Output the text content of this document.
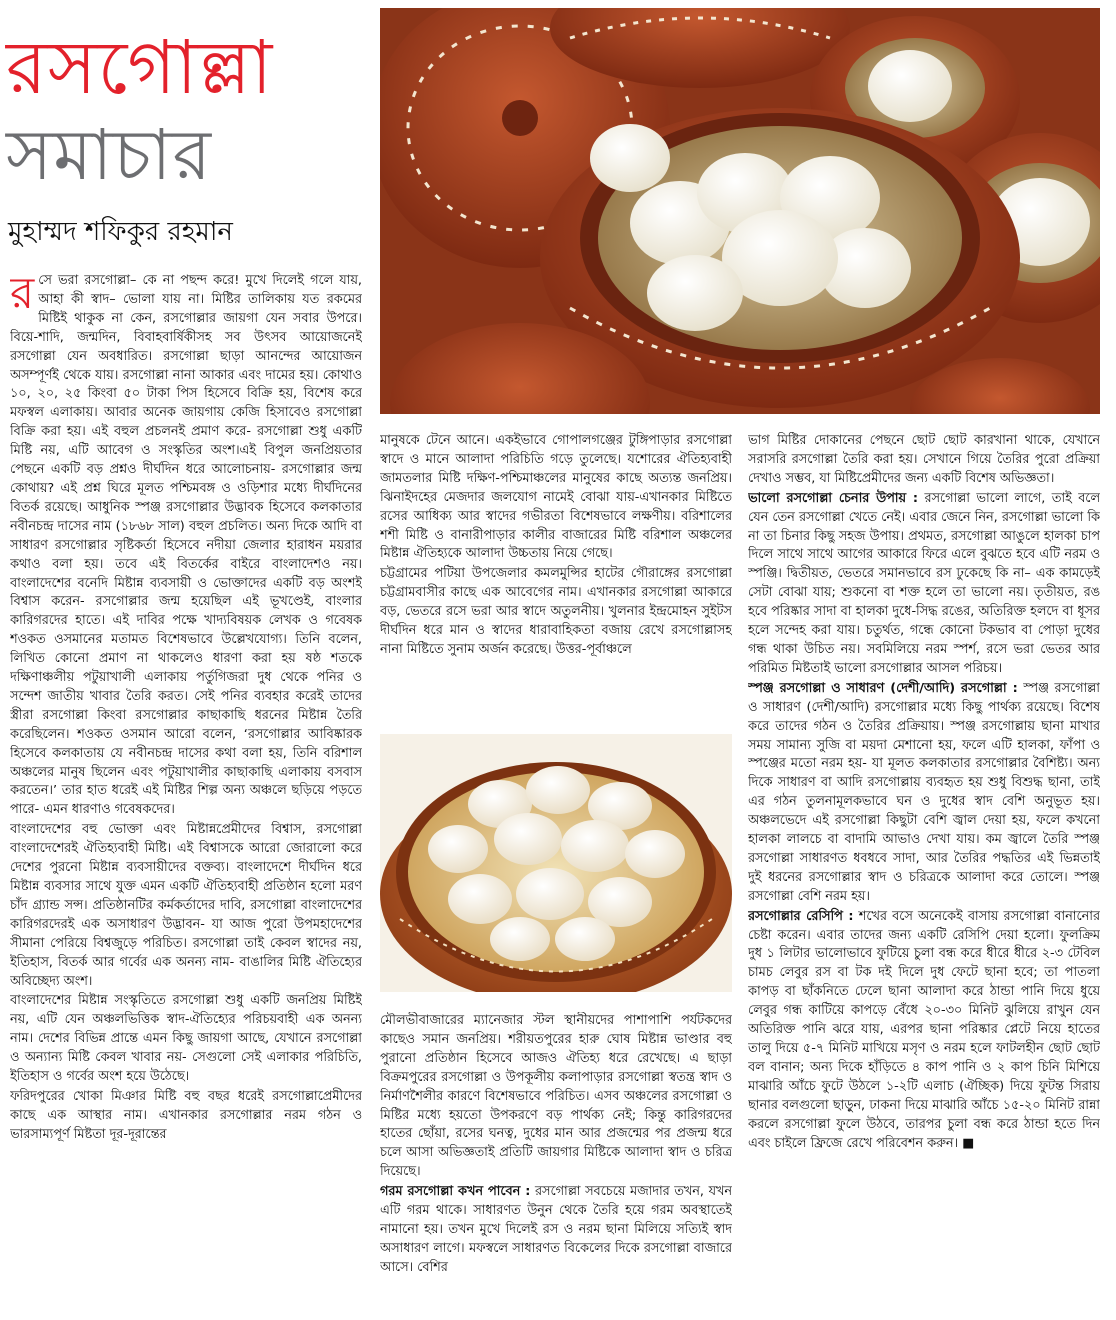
রসগোল্লা
সমাচার
মুহাম্মদ শফিকুর রহমান

রসে ভরা রসগোল্লা– কে না পছন্দ করে! মুখে দিলেই গলে যায়, আহা কী স্বাদ– ভোলা যায় না। মিষ্টির তালিকায় যত রকমের মিষ্টিই থাকুক না কেন, রসগোল্লার জায়গা যেন সবার উপরে। বিয়ে-শাদি, জন্মদিন, বিবাহবার্ষিকীসহ সব উৎসব আয়োজনেই রসগোল্লা যেন অবধারিত। রসগোল্লা ছাড়া আনন্দের আয়োজন অসম্পূর্ণই থেকে যায়। রসগোল্লা নানা আকার এবং দামের হয়। কোথাও ১০, ২০, ২৫ কিংবা ৫০ টাকা পিস হিসেবে বিক্রি হয়, বিশেষ করে মফস্বল এলাকায়। আবার অনেক জায়গায় কেজি হিসাবেও রসগোল্লা বিক্রি করা হয়। এই বহুল প্রচলনই প্রমাণ করে- রসগোল্লা শুধু একটি মিষ্টি নয়, এটি আবেগ ও সংস্কৃতির অংশ।এই বিপুল জনপ্রিয়তার পেছনে একটি বড় প্রশ্নও দীর্ঘদিন ধরে আলোচনায়- রসগোল্লার জন্ম কোথায়? এই প্রশ্ন ঘিরে মূলত পশ্চিমবঙ্গ ও ওড়িশার মধ্যে দীর্ঘদিনের বিতর্ক রয়েছে। আধুনিক স্পঞ্জ রসগোল্লার উদ্ভাবক হিসেবে কলকাতার নবীনচন্দ্র দাসের নাম (১৮৬৮ সাল) বহুল প্রচলিত। অন্য দিকে আদি বা সাধারণ রসগোল্লার সৃষ্টিকর্তা হিসেবে নদীয়া জেলার হারাধন ময়রার কথাও বলা হয়। তবে এই বিতর্কের বাইরে বাংলাদেশও নয়। বাংলাদেশের বনেদি মিষ্টান্ন ব্যবসায়ী ও ভোক্তাদের একটি বড় অংশই বিশ্বাস করেন- রসগোল্লার জন্ম হয়েছিল এই ভূখণ্ডেই, বাংলার কারিগরদের হাতে। এই দাবির পক্ষে খাদ্যবিষয়ক লেখক ও গবেষক শওকত ওসমানের মতামত বিশেষভাবে উল্লেখযোগ্য। তিনি বলেন, লিখিত কোনো প্রমাণ না থাকলেও ধারণা করা হয় ষষ্ঠ শতকে দক্ষিণাঞ্চলীয় পটুয়াখালী এলাকায় পর্তুগিজরা দুধ থেকে পনির ও সন্দেশ জাতীয় খাবার তৈরি করত। সেই পনির ব্যবহার করেই তাদের স্ত্রীরা রসগোল্লা কিংবা রসগোল্লার কাছাকাছি ধরনের মিষ্টান্ন তৈরি করেছিলেন। শওকত ওসমান আরো বলেন, ‘রসগোল্লার আবিষ্কারক হিসেবে কলকাতায় যে নবীনচন্দ্র দাসের কথা বলা হয়, তিনি বরিশাল অঞ্চলের মানুষ ছিলেন এবং পটুয়াখালীর কাছাকাছি এলাকায় বসবাস করতেন।’ তার হাত ধরেই এই মিষ্টির শিল্প অন্য অঞ্চলে ছড়িয়ে পড়তে পারে- এমন ধারণাও গবেষকদের।

বাংলাদেশের বহু ভোক্তা এবং মিষ্টান্নপ্রেমীদের বিশ্বাস, রসগোল্লা বাংলাদেশেরই ঐতিহ্যবাহী মিষ্টি। এই বিশ্বাসকে আরো জোরালো করে দেশের পুরনো মিষ্টান্ন ব্যবসায়ীদের বক্তব্য। বাংলাদেশে দীর্ঘদিন ধরে মিষ্টান্ন ব্যবসার সাথে যুক্ত এমন একটি ঐতিহ্যবাহী প্রতিষ্ঠান হলো মরণ চাঁদ গ্র্যান্ড সন্স। প্রতিষ্ঠানটির কর্মকর্তাদের দাবি, রসগোল্লা বাংলাদেশের কারিগরদেরই এক অসাধারণ উদ্ভাবন- যা আজ পুরো উপমহাদেশের সীমানা পেরিয়ে বিশ্বজুড়ে পরিচিত। রসগোল্লা তাই কেবল স্বাদের নয়, ইতিহাস, বিতর্ক আর গর্বের এক অনন্য নাম- বাঙালির মিষ্টি ঐতিহ্যের অবিচ্ছেদ্য অংশ।

বাংলাদেশের মিষ্টান্ন সংস্কৃতিতে রসগোল্লা শুধু একটি জনপ্রিয় মিষ্টিই নয়, এটি যেন অঞ্চলভিত্তিক স্বাদ-ঐতিহ্যের পরিচয়বাহী এক অনন্য নাম। দেশের বিভিন্ন প্রান্তে এমন কিছু জায়গা আছে, যেখানে রসগোল্লা ও অন্যান্য মিষ্টি কেবল খাবার নয়- সেগুলো সেই এলাকার পরিচিতি, ইতিহাস ও গর্বের অংশ হয়ে উঠেছে।

ফরিদপুরের খোকা মিঞার মিষ্টি বহু বছর ধরেই রসগোল্লাপ্রেমীদের কাছে এক আস্থার নাম। এখানকার রসগোল্লার নরম গঠন ও ভারসাম্যপূর্ণ মিষ্টতা দূর-দূরান্তের

মানুষকে টেনে আনে। একইভাবে গোপালগঞ্জের টুঙ্গিপাড়ার রসগোল্লা স্বাদে ও মানে আলাদা পরিচিতি গড়ে তুলেছে। যশোরের ঐতিহ্যবাহী জামতলার মিষ্টি দক্ষিণ-পশ্চিমাঞ্চলের মানুষের কাছে অত্যন্ত জনপ্রিয়। ঝিনাইদহের মেজদার জলযোগ নামেই বোঝা যায়-এখানকার মিষ্টিতে রসের আধিক্য আর স্বাদের গভীরতা বিশেষভাবে লক্ষণীয়। বরিশালের শশী মিষ্টি ও বানারীপাড়ার কালীর বাজারের মিষ্টি বরিশাল অঞ্চলের মিষ্টান্ন ঐতিহ্যকে আলাদা উচ্চতায় নিয়ে গেছে।

চট্টগ্রামের পটিয়া উপজেলার কমলমুন্সির হাটের গৌরাঙ্গের রসগোল্লা চট্টগ্রামবাসীর কাছে এক আবেগের নাম। এখানকার রসগোল্লা আকারে বড়, ভেতরে রসে ভরা আর স্বাদে অতুলনীয়। খুলনার ইন্দ্রমোহন সুইটস দীর্ঘদিন ধরে মান ও স্বাদের ধারাবাহিকতা বজায় রেখে রসগোল্লাসহ নানা মিষ্টিতে সুনাম অর্জন করেছে। উত্তর-পূর্বাঞ্চলে

মৌলভীবাজারের ম্যানেজার স্টল স্থানীয়দের পাশাপাশি পর্যটকদের কাছেও সমান জনপ্রিয়। শরীয়তপুরের হারু ঘোষ মিষ্টান্ন ভাণ্ডার বহু পুরানো প্রতিষ্ঠান হিসেবে আজও ঐতিহ্য ধরে রেখেছে। এ ছাড়া বিক্রমপুরের রসগোল্লা ও উপকূলীয় কলাপাড়ার রসগোল্লা স্বতন্ত্র স্বাদ ও নির্মাণশৈলীর কারণে বিশেষভাবে পরিচিত। এসব অঞ্চলের রসগোল্লা ও মিষ্টির মধ্যে হয়তো উপকরণে বড় পার্থক্য নেই; কিন্তু কারিগরদের হাতের ছোঁয়া, রসের ঘনত্ব, দুধের মান আর প্রজন্মের পর প্রজন্ম ধরে চলে আসা অভিজ্ঞতাই প্রতিটি জায়গার মিষ্টিকে আলাদা স্বাদ ও চরিত্র দিয়েছে।

গরম রসগোল্লা কখন পাবেন : রসগোল্লা সবচেয়ে মজাদার তখন, যখন এটি গরম থাকে। সাধারণত উনুন থেকে তৈরি হয়ে গরম অবস্থাতেই নামানো হয়। তখন মুখে দিলেই রস ও নরম ছানা মিলিয়ে সত্যিই স্বাদ অসাধারণ লাগে। মফস্বলে সাধারণত বিকেলের দিকে রসগোল্লা বাজারে আসে। বেশির

ভাগ মিষ্টির দোকানের পেছনে ছোট ছোট কারখানা থাকে, যেখানে সরাসরি রসগোল্লা তৈরি করা হয়। সেখানে গিয়ে তৈরির পুরো প্রক্রিয়া দেখাও সম্ভব, যা মিষ্টিপ্রেমীদের জন্য একটি বিশেষ অভিজ্ঞতা।

ভালো রসগোল্লা চেনার উপায় : রসগোল্লা ভালো লাগে, তাই বলে যেন তেন রসগোল্লা খেতে নেই। এবার জেনে নিন, রসগোল্লা ভালো কি না তা চিনার কিছু সহজ উপায়। প্রথমত, রসগোল্লা আঙুলে হালকা চাপ দিলে সাথে সাথে আগের আকারে ফিরে এলে বুঝতে হবে এটি নরম ও স্পঞ্জি। দ্বিতীয়ত, ভেতরে সমানভাবে রস ঢুকেছে কি না– এক কামড়েই সেটা বোঝা যায়; শুকনো বা শক্ত হলে তা ভালো নয়। তৃতীয়ত, রঙ হবে পরিষ্কার সাদা বা হালকা দুধে-সিদ্ধ রঙের, অতিরিক্ত হলদে বা ধূসর হলে সন্দেহ করা যায়। চতুর্থত, গন্ধে কোনো টকভাব বা পোড়া দুধের গন্ধ থাকা উচিত নয়। সবমিলিয়ে নরম স্পর্শ, রসে ভরা ভেতর আর পরিমিত মিষ্টতাই ভালো রসগোল্লার আসল পরিচয়।

স্পঞ্জ রসগোল্লা ও সাধারণ (দেশী/আদি) রসগোল্লা : স্পঞ্জ রসগোল্লা ও সাধারণ (দেশী/আদি) রসগোল্লার মধ্যে কিছু পার্থক্য রয়েছে। বিশেষ করে তাদের গঠন ও তৈরির প্রক্রিয়ায়। স্পঞ্জ রসগোল্লায় ছানা মাখার সময় সামান্য সুজি বা ময়দা মেশানো হয়, ফলে এটি হালকা, ফাঁপা ও স্পঞ্জের মতো নরম হয়- যা মূলত কলকাতার রসগোল্লার বৈশিষ্ট্য। অন্য দিকে সাধারণ বা আদি রসগোল্লায় ব্যবহৃত হয় শুধু বিশুদ্ধ ছানা, তাই এর গঠন তুলনামূলকভাবে ঘন ও দুধের স্বাদ বেশি অনুভূত হয়। অঞ্চলভেদে এই রসগোল্লা কিছুটা বেশি জ্বাল দেয়া হয়, ফলে কখনো হালকা লালচে বা বাদামি আভাও দেখা যায়। কম জ্বালে তৈরি স্পঞ্জ রসগোল্লা সাধারণত ধবধবে সাদা, আর তৈরির পদ্ধতির এই ভিন্নতাই দুই ধরনের রসগোল্লার স্বাদ ও চরিত্রকে আলাদা করে তোলে। স্পঞ্জ রসগোল্লা বেশি নরম হয়।

রসগোল্লার রেসিপি : শখের বসে অনেকেই বাসায় রসগোল্লা বানানোর চেষ্টা করেন। এবার তাদের জন্য একটি রেসিপি দেয়া হলো। ফুলক্রিম দুধ ১ লিটার ভালোভাবে ফুটিয়ে চুলা বন্ধ করে ধীরে ধীরে ২-৩ টেবিল চামচ লেবুর রস বা টক দই দিলে দুধ ফেটে ছানা হবে; তা পাতলা কাপড় বা ছাঁকনিতে ঢেলে ছানা আলাদা করে ঠান্ডা পানি দিয়ে ধুয়ে লেবুর গন্ধ কাটিয়ে কাপড়ে বেঁধে ২০-৩০ মিনিট ঝুলিয়ে রাখুন যেন অতিরিক্ত পানি ঝরে যায়, এরপর ছানা পরিষ্কার প্লেটে নিয়ে হাতের তালু দিয়ে ৫-৭ মিনিট মাখিয়ে মসৃণ ও নরম হলে ফাটলহীন ছোট ছোট বল বানান; অন্য দিকে হাঁড়িতে ৪ কাপ পানি ও ২ কাপ চিনি মিশিয়ে মাঝারি আঁচে ফুটে উঠলে ১-২টি এলাচ (ঐচ্ছিক) দিয়ে ফুটন্ত সিরায় ছানার বলগুলো ছাড়ুন, ঢাকনা দিয়ে মাঝারি আঁচে ১৫-২০ মিনিট রান্না করলে রসগোল্লা ফুলে উঠবে, তারপর চুলা বন্ধ করে ঠান্ডা হতে দিন এবং চাইলে ফ্রিজে রেখে পরিবেশন করুন। ■
